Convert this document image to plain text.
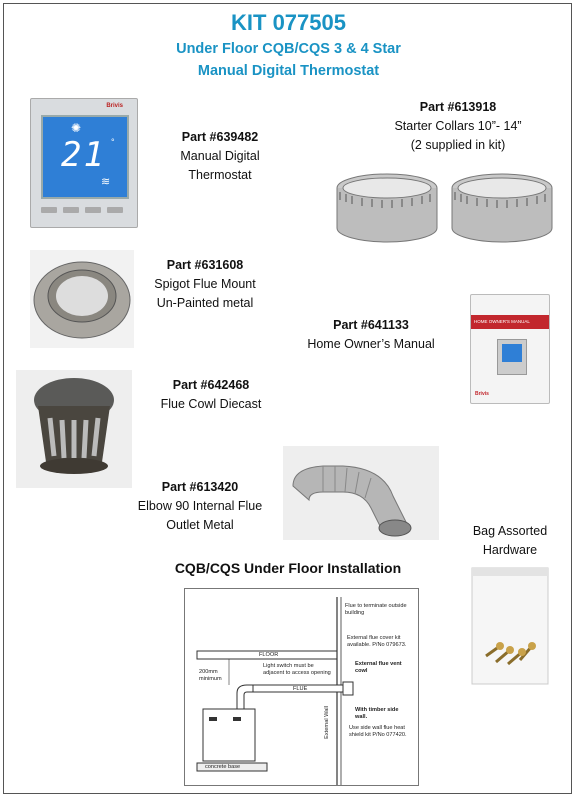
KIT 077505
Under Floor CQB/CQS 3 & 4 Star
Manual Digital Thermostat
Brivis
✺
21 °
≋
Part #639482
Manual Digital
Thermostat
Part #613918
Starter Collars 10”- 14”
(2 supplied in kit)
Part #631608
Spigot Flue Mount
Un-Painted metal
Part #641133
Home Owner’s Manual
HOME OWNER'S MANUAL
Brivis
Part #642468
Flue Cowl Diecast
Part #613420
Elbow 90 Internal Flue
Outlet Metal	Bag Assorted
Hardware
CQB/CQS Under Floor Installation
FLOOR
FLUE
200mm minimum
Light switch must be adjacent to access opening
Flue to terminate outside building
External flue cover kit available. P/No 079673.
External flue vent cowl
With timber side wall.
Use side wall flue heat shield kit P/No 077420.
External Wall
concrete base
